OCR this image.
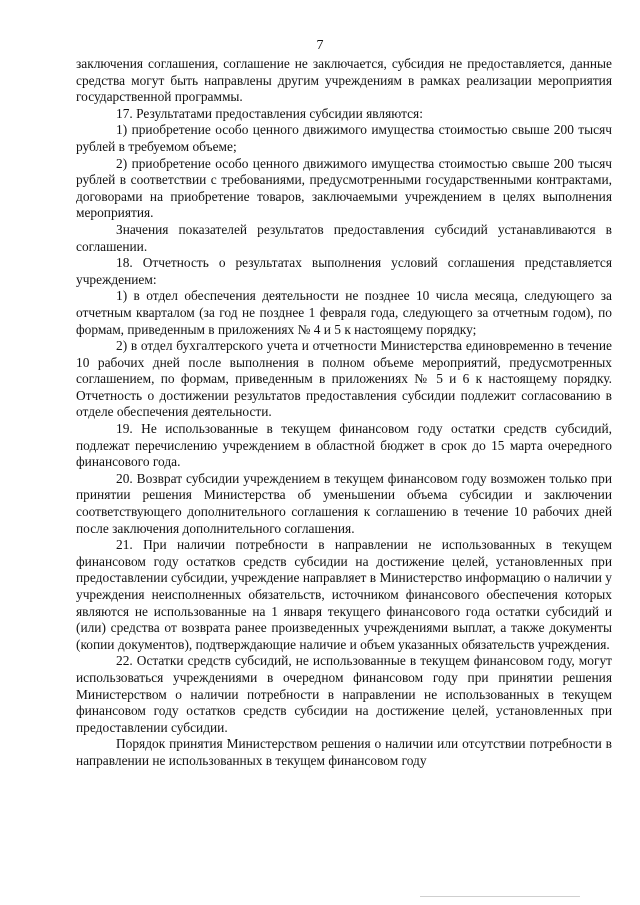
7

заключения соглашения, соглашение не заключается, субсидия не предоставляется, данные средства могут быть направлены другим учреждениям в рамках реализации мероприятия государственной программы.

17. Результатами предоставления субсидии являются:

1) приобретение особо ценного движимого имущества стоимостью свыше 200 тысяч рублей в требуемом объеме;

2) приобретение особо ценного движимого имущества стоимостью свыше 200 тысяч рублей в соответствии с требованиями, предусмотренными государственными контрактами, договорами на приобретение товаров, заключаемыми учреждением в целях выполнения мероприятия.

Значения показателей результатов предоставления субсидий устанавливаются в соглашении.

18. Отчетность о результатах выполнения условий соглашения представляется учреждением:

1) в отдел обеспечения деятельности не позднее 10 числа месяца, следующего за отчетным кварталом (за год не позднее 1 февраля года, следующего за отчетным годом), по формам, приведенным в приложениях № 4 и 5 к настоящему порядку;

2) в отдел бухгалтерского учета и отчетности Министерства единовременно в течение 10 рабочих дней после выполнения в полном объеме мероприятий, предусмотренных соглашением, по формам, приведенным в приложениях № 5 и 6 к настоящему порядку. Отчетность о достижении результатов предоставления субсидии подлежит согласованию в отделе обеспечения деятельности.

19. Не использованные в текущем финансовом году остатки средств субсидий, подлежат перечислению учреждением в областной бюджет в срок до 15 марта очередного финансового года.

20. Возврат субсидии учреждением в текущем финансовом году возможен только при принятии решения Министерства об уменьшении объема субсидии и заключении соответствующего дополнительного соглашения к соглашению в течение 10 рабочих дней после заключения дополнительного соглашения.

21. При наличии потребности в направлении не использованных в текущем финансовом году остатков средств субсидии на достижение целей, установленных при предоставлении субсидии, учреждение направляет в Министерство информацию о наличии у учреждения неисполненных обязательств, источником финансового обеспечения которых являются не использованные на 1 января текущего финансового года остатки субсидий и (или) средства от возврата ранее произведенных учреждениями выплат, а также документы (копии документов), подтверждающие наличие и объем указанных обязательств учреждения.

22. Остатки средств субсидий, не использованные в текущем финансовом году, могут использоваться учреждениями в очередном финансовом году при принятии решения Министерством о наличии потребности в направлении не использованных в текущем финансовом году остатков средств субсидии на достижение целей, установленных при предоставлении субсидии.

Порядок принятия Министерством решения о наличии или отсутствии потребности в направлении не использованных в текущем финансовом году
